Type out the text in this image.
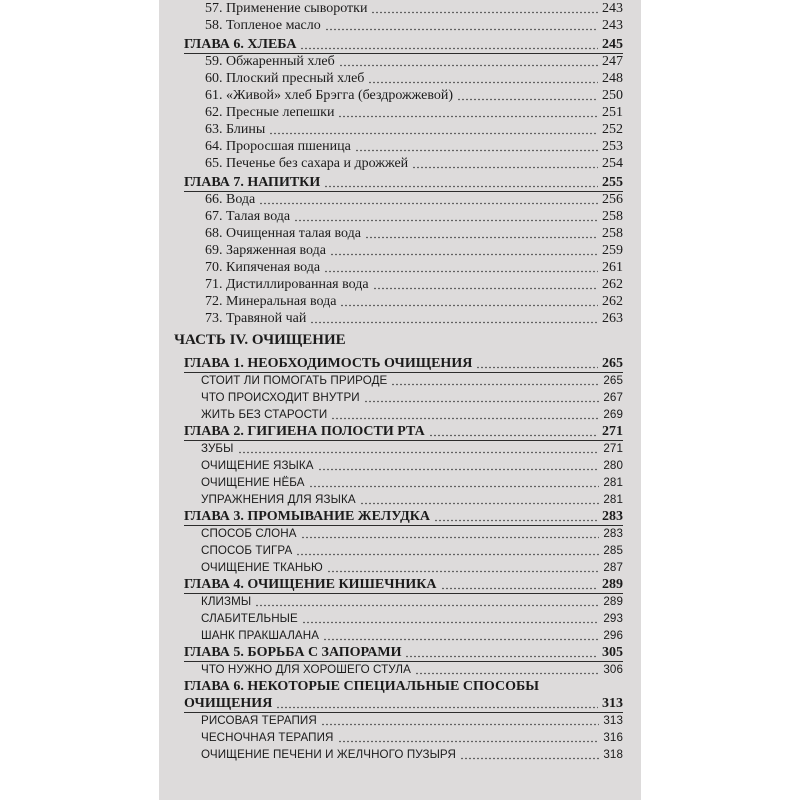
57. Применение сыворотки	243
58. Топленое масло	243
ГЛАВА 6. ХЛЕБА	245
59. Обжаренный хлеб	247
60. Плоский пресный хлеб	248
61. «Живой» хлеб Брэгга (бездрожжевой)	250
62. Пресные лепешки	251
63. Блины	252
64. Проросшая пшеница	253
65. Печенье без сахара и дрожжей	254
ГЛАВА 7. НАПИТКИ	255
66. Вода	256
67. Талая вода	258
68. Очищенная талая вода	258
69. Заряженная вода	259
70. Кипяченая вода	261
71. Дистиллированная вода	262
72. Минеральная вода	262
73. Травяной чай	263
ЧАСТЬ IV. ОЧИЩЕНИЕ
ГЛАВА 1. НЕОБХОДИМОСТЬ ОЧИЩЕНИЯ	265
СТОИТ ЛИ ПОМОГАТЬ ПРИРОДЕ	265
ЧТО ПРОИСХОДИТ ВНУТРИ	267
ЖИТЬ БЕЗ СТАРОСТИ	269
ГЛАВА 2. ГИГИЕНА ПОЛОСТИ РТА	271
ЗУБЫ	271
ОЧИЩЕНИЕ ЯЗЫКА	280
ОЧИЩЕНИЕ НЁБА	281
УПРАЖНЕНИЯ ДЛЯ ЯЗЫКА	281
ГЛАВА 3. ПРОМЫВАНИЕ ЖЕЛУДКА	283
СПОСОБ СЛОНА	283
СПОСОБ ТИГРА	285
ОЧИЩЕНИЕ ТКАНЬЮ	287
ГЛАВА 4. ОЧИЩЕНИЕ КИШЕЧНИКА	289
КЛИЗМЫ	289
СЛАБИТЕЛЬНЫЕ	293
ШАНК ПРАКШАЛАНА	296
ГЛАВА 5. БОРЬБА С ЗАПОРАМИ	305
ЧТО НУЖНО ДЛЯ ХОРОШЕГО СТУЛА	306
ГЛАВА 6. НЕКОТОРЫЕ СПЕЦИАЛЬНЫЕ СПОСОБЫ
ОЧИЩЕНИЯ	313
РИСОВАЯ ТЕРАПИЯ	313
ЧЕСНОЧНАЯ ТЕРАПИЯ	316
ОЧИЩЕНИЕ ПЕЧЕНИ И ЖЕЛЧНОГО ПУЗЫРЯ	318
